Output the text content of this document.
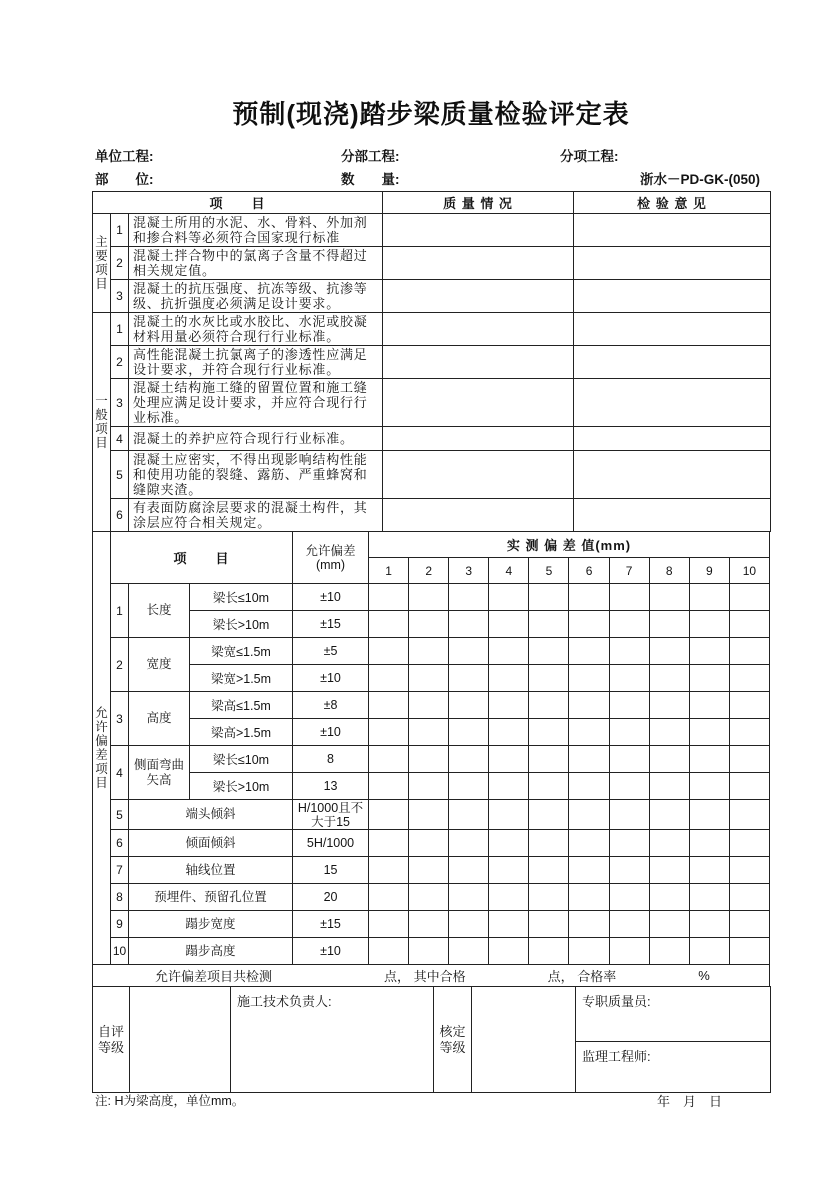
预制(现浇)踏步梁质量检验评定表
单位工程:	分部工程:	分项工程:
部　　位:	数　　量:	浙水－PD-GK-(050)
项　　目			质 量 情 况	检 验 意 见
主要项目	1	混凝土所用的水泥、水、骨料、外加剂和掺合料等必须符合国家现行标准		
	2	混凝土拌合物中的氯离子含量不得超过相关规定值。		
	3	混凝土的抗压强度、抗冻等级、抗渗等级、抗折强度必须满足设计要求。		
一般项目	1	混凝土的水灰比或水胶比、水泥或胶凝材料用量必须符合现行行业标准。		
	2	高性能混凝土抗氯离子的渗透性应满足设计要求，并符合现行行业标准。		
	3	混凝土结构施工缝的留置位置和施工缝处理应满足设计要求，并应符合现行行业标准。		
	4	混凝土的养护应符合现行行业标准。		
	5	混凝土应密实，不得出现影响结构性能和使用功能的裂缝、露筋、严重蜂窝和缝隙夹渣。		
	6	有表面防腐涂层要求的混凝土构件，其涂层应符合相关规定。		
允许偏差项目	项　　目			允许偏差(mm)	实 测 偏 差 值(mm)									
					1	2	3	4	5	6	7	8	9	10
	1	长度	梁长≤10m	±10										
			梁长>10m	±15										
	2	宽度	梁宽≤1.5m	±5										
			梁宽>1.5m	±10										
	3	高度	梁高≤1.5m	±8										
			梁高>1.5m	±10										
	4	侧面弯曲矢高	梁长≤10m	8										
			梁长>10m	13										
	5	端头倾斜		H/1000且不大于15										
	6	倾面倾斜		5H/1000										
	7	轴线位置		15										
	8	预埋件、预留孔位置		20										
	9	蹋步宽度		±15										
	10	蹋步高度		±10										
允许偏差项目共检测	点， 其中合格	点， 合格率	%
自评等级		施工技术负责人:	核定等级		专职质量员:
监理工程师:
注: H为梁高度，单位mm。	年　月　日
